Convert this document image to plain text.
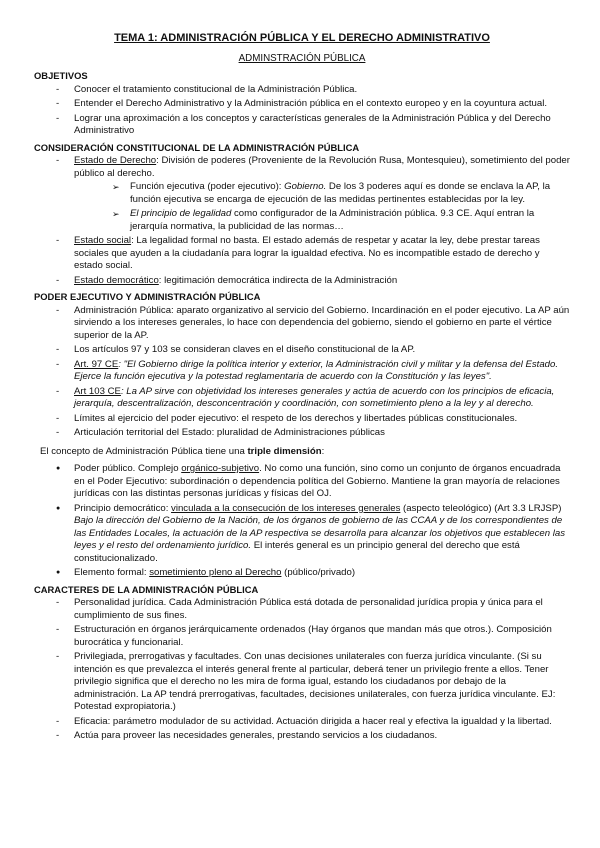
TEMA 1: ADMINISTRACIÓN PÚBLICA Y EL DERECHO ADMINISTRATIVO
ADMINSTRACIÓN PÚBLICA
OBJETIVOS
- Conocer el tratamiento constitucional de la Administración Pública.
- Entender el Derecho Administrativo y la Administración pública en el contexto europeo y en la coyuntura actual.
- Lograr una aproximación a los conceptos y características generales de la Administración Pública y del Derecho Administrativo
CONSIDERACIÓN CONSTITUCIONAL DE LA ADMINISTRACIÓN PÚBLICA
- Estado de Derecho: División de poderes (Proveniente de la Revolución Rusa, Montesquieu), sometimiento del poder público al derecho.
➢ Función ejecutiva (poder ejecutivo): Gobierno. De los 3 poderes aquí es donde se enclava la AP, la función ejecutiva se encarga de ejecución de las medidas pertinentes establecidas por la ley.
➢ El principio de legalidad como configurador de la Administración pública. 9.3 CE. Aquí entran la jerarquía normativa, la publicidad de las normas…
- Estado social: La legalidad formal no basta. El estado además de respetar y acatar la ley, debe prestar tareas sociales que ayuden a la ciudadanía para lograr la igualdad efectiva. No es incompatible estado de derecho y estado social.
- Estado democrático: legitimación democrática indirecta de la Administración
PODER EJECUTIVO Y ADMINISTRACIÓN PÚBLICA
- Administración Pública: aparato organizativo al servicio del Gobierno. Incardinación en el poder ejecutivo. La AP aún sirviendo a los intereses generales, lo hace con dependencia del gobierno, siendo el gobierno en parte el vértice superior de la AP.
- Los artículos 97 y 103 se consideran claves en el diseño constitucional de la AP.
- Art. 97 CE: "El Gobierno dirige la política interior y exterior, la Administración civil y militar y la defensa del Estado. Ejerce la función ejecutiva y la potestad reglamentaria de acuerdo con la Constitución y las leyes".
- Art 103 CE: La AP sirve con objetividad los intereses generales y actúa de acuerdo con los principios de eficacia, jerarquía, descentralización, desconcentración y coordinación, con sometimiento pleno a la ley y al derecho.
- Límites al ejercicio del poder ejecutivo: el respeto de los derechos y libertades públicas constitucionales.
- Articulación territorial del Estado: pluralidad de Administraciones públicas
El concepto de Administración Pública tiene una triple dimensión:
● Poder público. Complejo orgánico-subjetivo. No como una función, sino como un conjunto de órganos encuadrada en el Poder Ejecutivo: subordinación o dependencia política del Gobierno. Mantiene la gran mayoría de relaciones jurídicas con las distintas personas jurídicas y físicas del OJ.
● Principio democrático: vinculada a la consecución de los intereses generales (aspecto teleológico) (Art 3.3 LRJSP) Bajo la dirección del Gobierno de la Nación, de los órganos de gobierno de las CCAA y de los correspondientes de las Entidades Locales, la actuación de la AP respectiva se desarrolla para alcanzar los objetivos que establecen las leyes y el resto del ordenamiento jurídico. El interés general es un principio general del derecho que está constitucionalizado.
● Elemento formal: sometimiento pleno al Derecho (público/privado)
CARACTERES DE LA ADMINISTRACIÓN PÚBLICA
- Personalidad jurídica. Cada Administración Pública está dotada de personalidad jurídica propia y única para el cumplimiento de sus fines.
- Estructuración en órganos jerárquicamente ordenados (Hay órganos que mandan más que otros.). Composición burocrática y funcionarial.
- Privilegiada, prerrogativas y facultades. Con unas decisiones unilaterales con fuerza jurídica vinculante. (Si su intención es que prevalezca el interés general frente al particular, deberá tener un privilegio frente a ellos. Tener privilegio significa que el derecho no les mira de forma igual, estando los ciudadanos por debajo de la administración. La AP tendrá prerrogativas, facultades, decisiones unilaterales, con fuerza jurídica vinculante. EJ: Potestad expropiatoria.)
- Eficacia: parámetro modulador de su actividad. Actuación dirigida a hacer real y efectiva la igualdad y la libertad.
- Actúa para proveer las necesidades generales, prestando servicios a los ciudadanos.
